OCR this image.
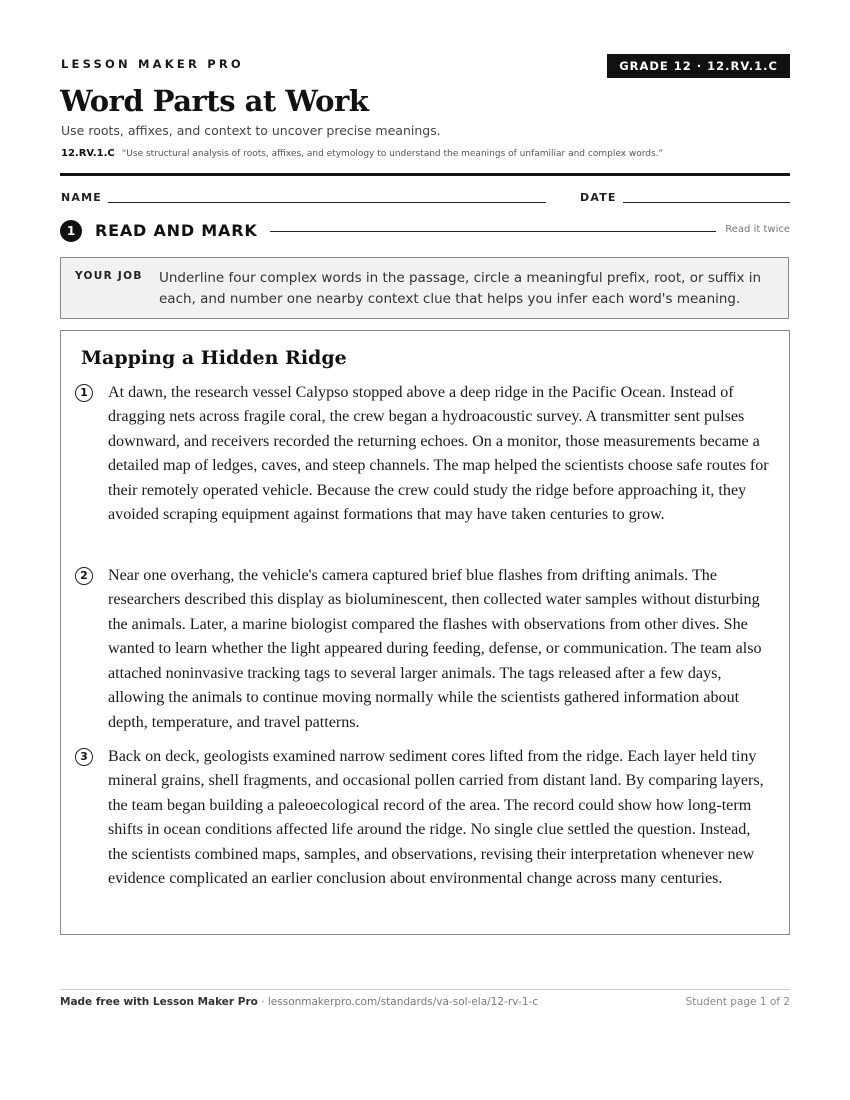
LESSON MAKER PRO	GRADE 12 · 12.RV.1.C
Word Parts at Work
Use roots, affixes, and context to uncover precise meanings.
12.RV.1.C “Use structural analysis of roots, affixes, and etymology to understand the meanings of unfamiliar and complex words.”
NAME	DATE
1	READ AND MARK	Read it twice
YOUR JOB Underline four complex words in the passage, circle a meaningful prefix, root, or suffix in each, and number one nearby context clue that helps you infer each word's meaning.
Mapping a Hidden Ridge
1	At dawn, the research vessel Calypso stopped above a deep ridge in the Pacific Ocean. Instead of dragging nets across fragile coral, the crew began a hydroacoustic survey. A transmitter sent pulses downward, and receivers recorded the returning echoes. On a monitor, those measurements became a detailed map of ledges, caves, and steep channels. The map helped the scientists choose safe routes for their remotely operated vehicle. Because the crew could study the ridge before approaching it, they avoided scraping equipment against formations that may have taken centuries to grow.

2	Near one overhang, the vehicle's camera captured brief blue flashes from drifting animals. The researchers described this display as bioluminescent, then collected water samples without disturbing the animals. Later, a marine biologist compared the flashes with observations from other dives. She wanted to learn whether the light appeared during feeding, defense, or communication. The team also attached noninvasive tracking tags to several larger animals. The tags released after a few days, allowing the animals to continue moving normally while the scientists gathered information about depth, temperature, and travel patterns.

3	Back on deck, geologists examined narrow sediment cores lifted from the ridge. Each layer held tiny mineral grains, shell fragments, and occasional pollen carried from distant land. By comparing layers, the team began building a paleoecological record of the area. The record could show how long-term shifts in ocean conditions affected life around the ridge. No single clue settled the question. Instead, the scientists combined maps, samples, and observations, revising their interpretation whenever new evidence complicated an earlier conclusion about environmental change across many centuries.

Made free with Lesson Maker Pro · lessonmakerpro.com/standards/va-sol-ela/12-rv-1-c	Student page 1 of 2
